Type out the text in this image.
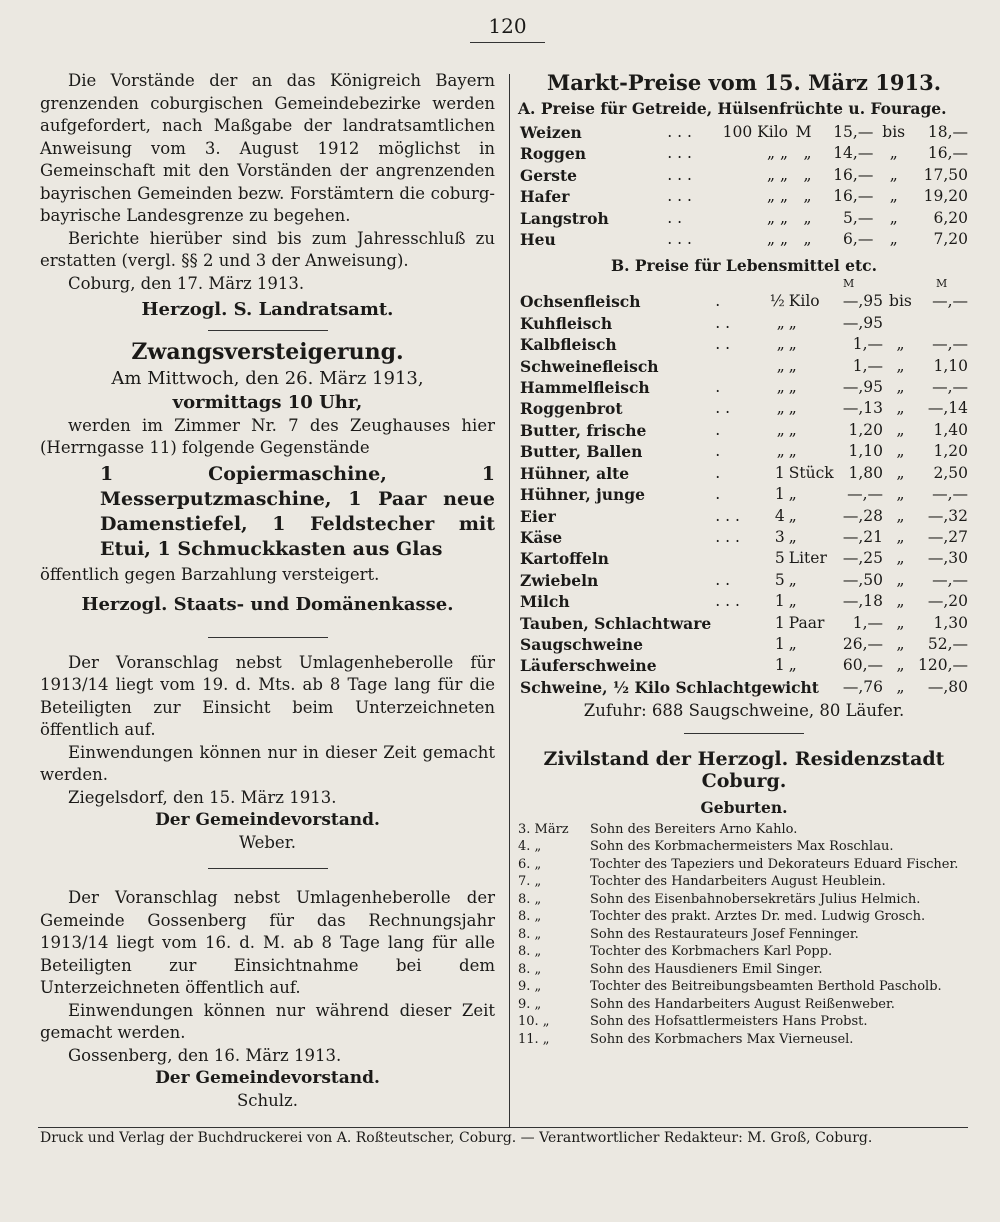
120

Die Vorstände der an das Königreich Bayern grenzenden coburgischen Gemeindebezirke werden aufgefordert, nach Maßgabe der landratsamtlichen Anweisung vom 3. August 1912 möglichst in Gemeinschaft mit den Vorständen der angrenzenden bayrischen Gemeinden bezw. Forstämtern die coburg-bayrische Landesgrenze zu begehen.

Berichte hierüber sind bis zum Jahresschluß zu erstatten (vergl. §§ 2 und 3 der Anweisung).

Coburg, den 17. März 1913.

Herzogl. S. Landratsamt.

Zwangsversteigerung.

Am Mittwoch, den 26. März 1913,

vormittags 10 Uhr,

werden im Zimmer Nr. 7 des Zeughauses hier (Herrngasse 11) folgende Gegenstände

1 Copiermaschine, 1 Messerputzmaschine, 1 Paar neue Damenstiefel, 1 Feldstecher mit Etui, 1 Schmuckkasten aus Glas

öffentlich gegen Barzahlung versteigert.

Herzogl. Staats- und Domänenkasse.

Der Voranschlag nebst Umlagenheberolle für 1913/14 liegt vom 19. d. Mts. ab 8 Tage lang für die Beteiligten zur Einsicht beim Unterzeichneten öffentlich auf.

Einwendungen können nur in dieser Zeit gemacht werden.

Ziegelsdorf, den 15. März 1913.

Der Gemeindevorstand.

Weber.

Der Voranschlag nebst Umlagenheberolle der Gemeinde Gossenberg für das Rechnungsjahr 1913/14 liegt vom 16. d. M. ab 8 Tage lang für alle Beteiligten zur Einsichtnahme bei dem Unterzeichneten öffentlich auf.

Einwendungen können nur während dieser Zeit gemacht werden.

Gossenberg, den 16. März 1913.

Der Gemeindevorstand.

Schulz.

Markt-Preise vom 15. März 1913.
A. Preise für Getreide, Hülsenfrüchte u. Fourage.
Weizen	. . .	100 Kilo	M	15,—	bis	18,—
Roggen	. . .	„ „	„	14,—	„	16,—
Gerste	. . .	„ „	„	16,—	„	17,50
Hafer	. . .	„ „	„	16,—	„	19,20
Langstroh	. .	„ „	„	5,—	„	6,20
Heu	. . .	„ „	„	6,—	„	7,20
B. Preise für Lebensmittel etc.
M	M
Ochsenfleisch	.	½	Kilo	—,95	bis	—,—
Kuhfleisch	. .	„	„	—,95		
Kalbfleisch	. .	„	„	1,—	„	—,—
Schweinefleisch		„	„	1,—	„	1,10
Hammelfleisch	.	„	„	—,95	„	—,—
Roggenbrot	. .	„	„	—,13	„	—,14
Butter, frische	.	„	„	1,20	„	1,40
Butter, Ballen	.	„	„	1,10	„	1,20
Hühner, alte	.	1	Stück	1,80	„	2,50
Hühner, junge	.	1	„	—,—	„	—,—
Eier	. . .	4	„	—,28	„	—,32
Käse	. . .	3	„	—,21	„	—,27
Kartoffeln		5	Liter	—,25	„	—,30
Zwiebeln	. .	5	„	—,50	„	—,—
Milch	. . .	1	„	—,18	„	—,20
Tauben, Schlachtware		1	Paar	1,—	„	1,30
Saugschweine		1	„	26,—	„	52,—
Läuferschweine		1	„	60,—	„	120,—
Schweine, ½ Kilo Schlachtgewicht				—,76	„	—,80

Zufuhr: 688 Saugschweine, 80 Läufer.

Zivilstand der Herzogl. Residenzstadt Coburg.
Geburten.
3. März	Sohn des Bereiters Arno Kahlo.
4. „	Sohn des Korbmachermeisters Max Roschlau.
6. „	Tochter des Tapeziers und Dekorateurs Eduard Fischer.
7. „	Tochter des Handarbeiters August Heublein.
8. „	Sohn des Eisenbahnobersekretärs Julius Helmich.
8. „	Tochter des prakt. Arztes Dr. med. Ludwig Grosch.
8. „	Sohn des Restaurateurs Josef Fenninger.
8. „	Tochter des Korbmachers Karl Popp.
8. „	Sohn des Hausdieners Emil Singer.
9. „	Tochter des Beitreibungsbeamten Berthold Pascholb.
9. „	Sohn des Handarbeiters August Reißenweber.
10. „	Sohn des Hofsattlermeisters Hans Probst.
11. „	Sohn des Korbmachers Max Vierneusel.
Druck und Verlag der Buchdruckerei von A. Roßteutscher, Coburg. — Verantwortlicher Redakteur: M. Groß, Coburg.
